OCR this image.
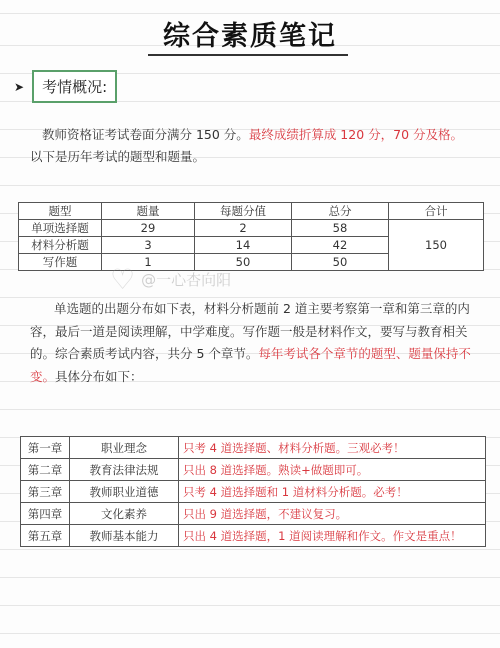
综合素质笔记
➤	考情概况:
教师资格证考试卷面分满分 150 分。最终成绩折算成 120 分，70 分及格。
以下是历年考试的题型和题量。
题型	题量	每题分值	总分	合计
单项选择题	29	2	58	150
材料分析题	3	14	42	
写作题	1	50	50	
♡ @一心杏向阳
单选题的出题分布如下表，材料分析题前 2 道主要考察第一章和第三章的内容，最后一道是阅读理解，中学难度。写作题一般是材料作文，要写与教育相关的。综合素质考试内容，共分 5 个章节。每年考试各个章节的题型、题量保持不变。具体分布如下：
第一章	职业理念	只考 4 道选择题、材料分析题。三观必考！
第二章	教育法律法规	只出 8 道选择题。熟读+做题即可。
第三章	教师职业道德	只考 4 道选择题和 1 道材料分析题。必考！
第四章	文化素养	只出 9 道选择题，不建议复习。
第五章	教师基本能力	只出 4 道选择题，1 道阅读理解和作文。作文是重点！
